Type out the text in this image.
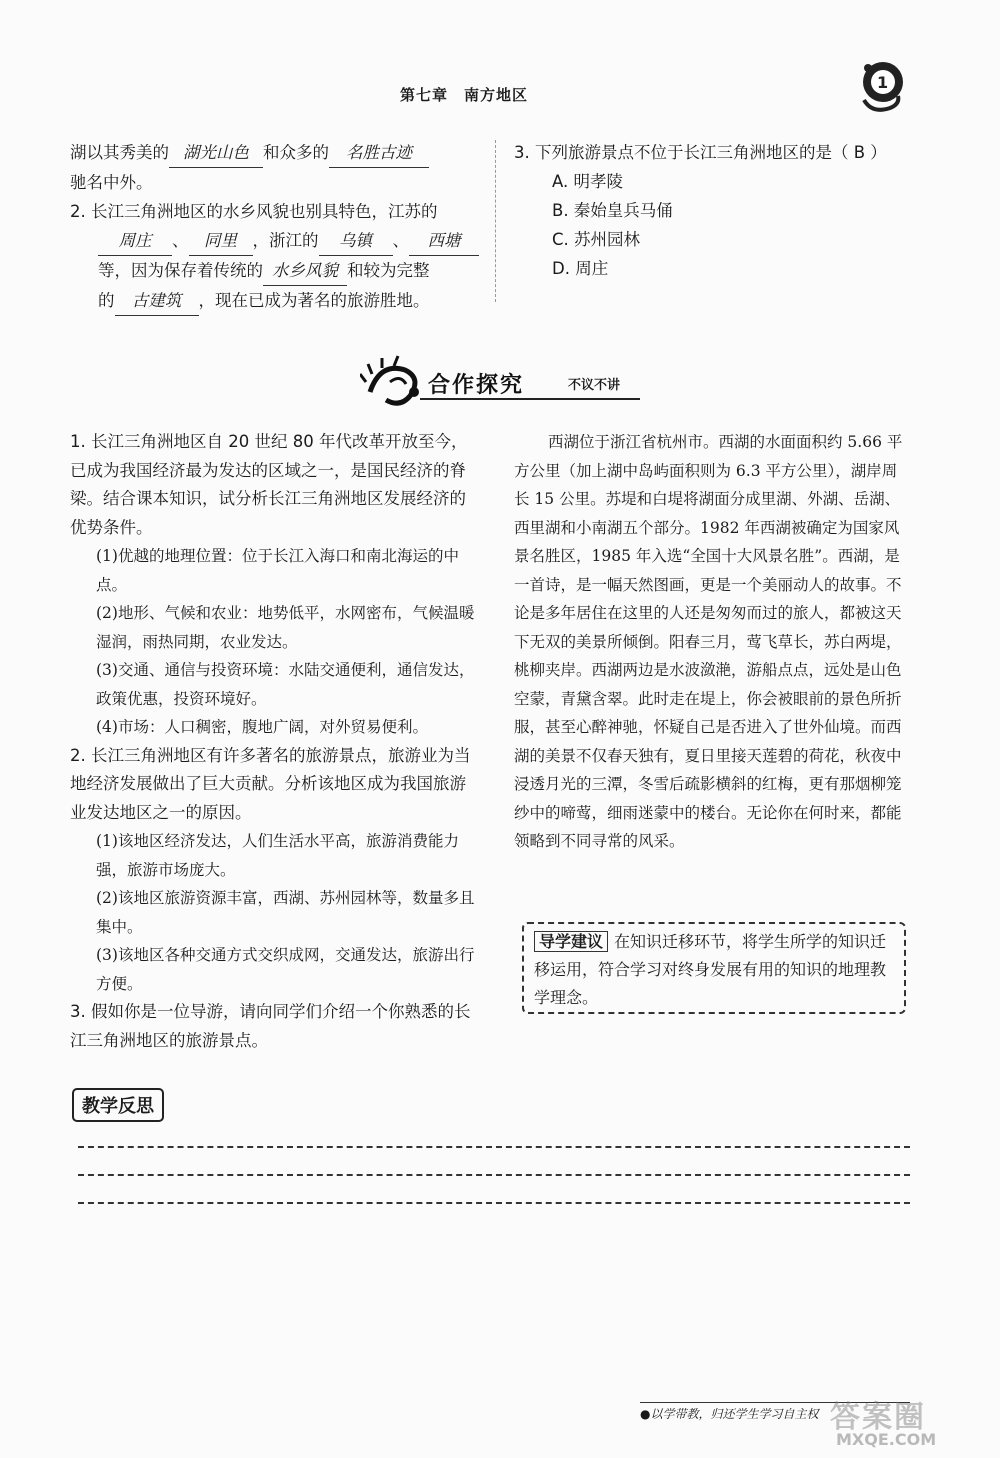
第七章　南方地区
1
湖以其秀美的 湖光山色 和众多的 名胜古迹
驰名中外。
2. 长江三角洲地区的水乡风貌也别具特色，江苏的
周庄 、 同里 ，浙江的 乌镇 、 西塘
等，因为保存着传统的 水乡风貌 和较为完整
的 古建筑 ，现在已成为著名的旅游胜地。
3. 下列旅游景点不位于长江三角洲地区的是（ B ）
A. 明孝陵
B. 秦始皇兵马俑
C. 苏州园林
D. 周庄
合作探究	不议不讲
1. 长江三角洲地区自 20 世纪 80 年代改革开放至今，已成为我国经济最为发达的区域之一，是国民经济的脊梁。结合课本知识，试分析长江三角洲地区发展经济的优势条件。
(1)优越的地理位置：位于长江入海口和南北海运的中点。
(2)地形、气候和农业：地势低平，水网密布，气候温暖湿润，雨热同期，农业发达。
(3)交通、通信与投资环境：水陆交通便利，通信发达，政策优惠，投资环境好。
(4)市场：人口稠密，腹地广阔，对外贸易便利。
2. 长江三角洲地区有许多著名的旅游景点，旅游业为当地经济发展做出了巨大贡献。分析该地区成为我国旅游业发达地区之一的原因。
(1)该地区经济发达，人们生活水平高，旅游消费能力强，旅游市场庞大。
(2)该地区旅游资源丰富，西湖、苏州园林等，数量多且集中。
(3)该地区各种交通方式交织成网，交通发达，旅游出行方便。
3. 假如你是一位导游，请向同学们介绍一个你熟悉的长江三角洲地区的旅游景点。
西湖位于浙江省杭州市。西湖的水面面积约 5.66 平方公里（加上湖中岛屿面积则为 6.3 平方公里），湖岸周长 15 公里。苏堤和白堤将湖面分成里湖、外湖、岳湖、西里湖和小南湖五个部分。1982 年西湖被确定为国家风景名胜区，1985 年入选“全国十大风景名胜”。西湖，是一首诗，是一幅天然图画，更是一个美丽动人的故事。不论是多年居住在这里的人还是匆匆而过的旅人，都被这天下无双的美景所倾倒。阳春三月，莺飞草长，苏白两堤，桃柳夹岸。西湖两边是水波潋滟，游船点点，远处是山色空蒙，青黛含翠。此时走在堤上，你会被眼前的景色所折服，甚至心醉神驰，怀疑自己是否进入了世外仙境。而西湖的美景不仅春天独有，夏日里接天莲碧的荷花，秋夜中浸透月光的三潭，冬雪后疏影横斜的红梅，更有那烟柳笼纱中的啼莺，细雨迷蒙中的楼台。无论你在何时来，都能领略到不同寻常的风采。
导学建议 在知识迁移环节，将学生所学的知识迁移运用，符合学习对终身发展有用的知识的地理教学理念。
教学反思
●以学带教，归还学生学习自主权 答案圈
MXQE.COM
